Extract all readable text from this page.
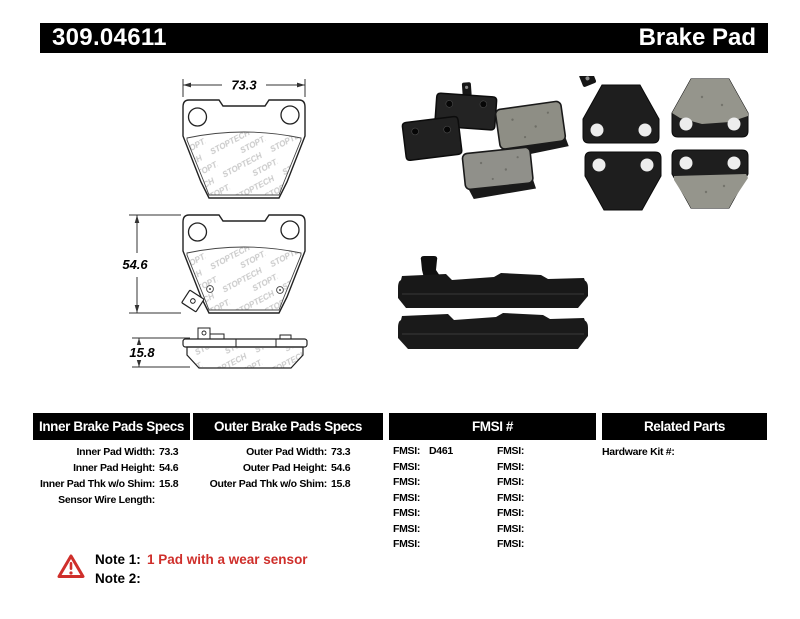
309.04611	Brake Pad
73.3
54.6
15.8
Inner Brake Pads Specs	Outer Brake Pads Specs	FMSI #	Related Parts
Inner Pad Width: 73.3
Inner Pad Height: 54.6
Inner Pad Thk w/o Shim: 15.8
Sensor Wire Length:
Outer Pad Width: 73.3
Outer Pad Height: 54.6
Outer Pad Thk w/o Shim: 15.8
FMSI: D461	FMSI:
FMSI:	FMSI:
FMSI:	FMSI:
FMSI:	FMSI:
FMSI:	FMSI:
FMSI:	FMSI:
FMSI:	FMSI:
Hardware Kit #:
Note 1: 1 Pad with a wear sensor
Note 2:
